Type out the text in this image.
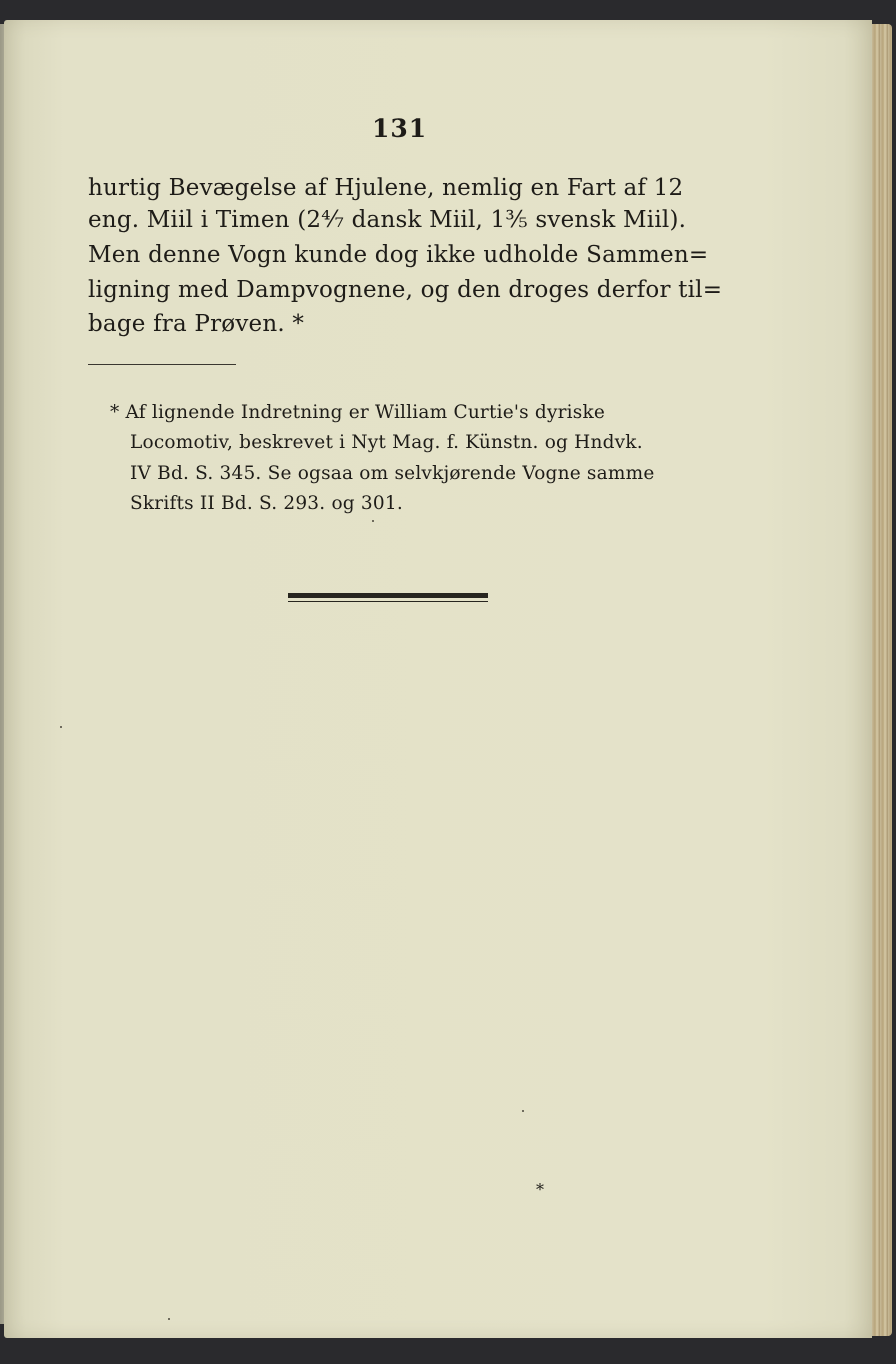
131
hurtig Bevægelse af Hjulene, nemlig en Fart af 12
eng. Miil i Timen (2⁴⁄₇ dansk Miil, 1⅗ svensk Miil).
Men denne Vogn kunde dog ikke udholde Sammen=
ligning med Dampvognene, og den droges derfor til=
bage fra Prøven. *
* Af lignende Indretning er William Curtie's dyriske
Locomotiv, beskrevet i Nyt Mag. f. Künstn. og Hndvk.
IV Bd. S. 345. Se ogsaa om selvkjørende Vogne samme
Skrifts II Bd. S. 293. og 301.
*
